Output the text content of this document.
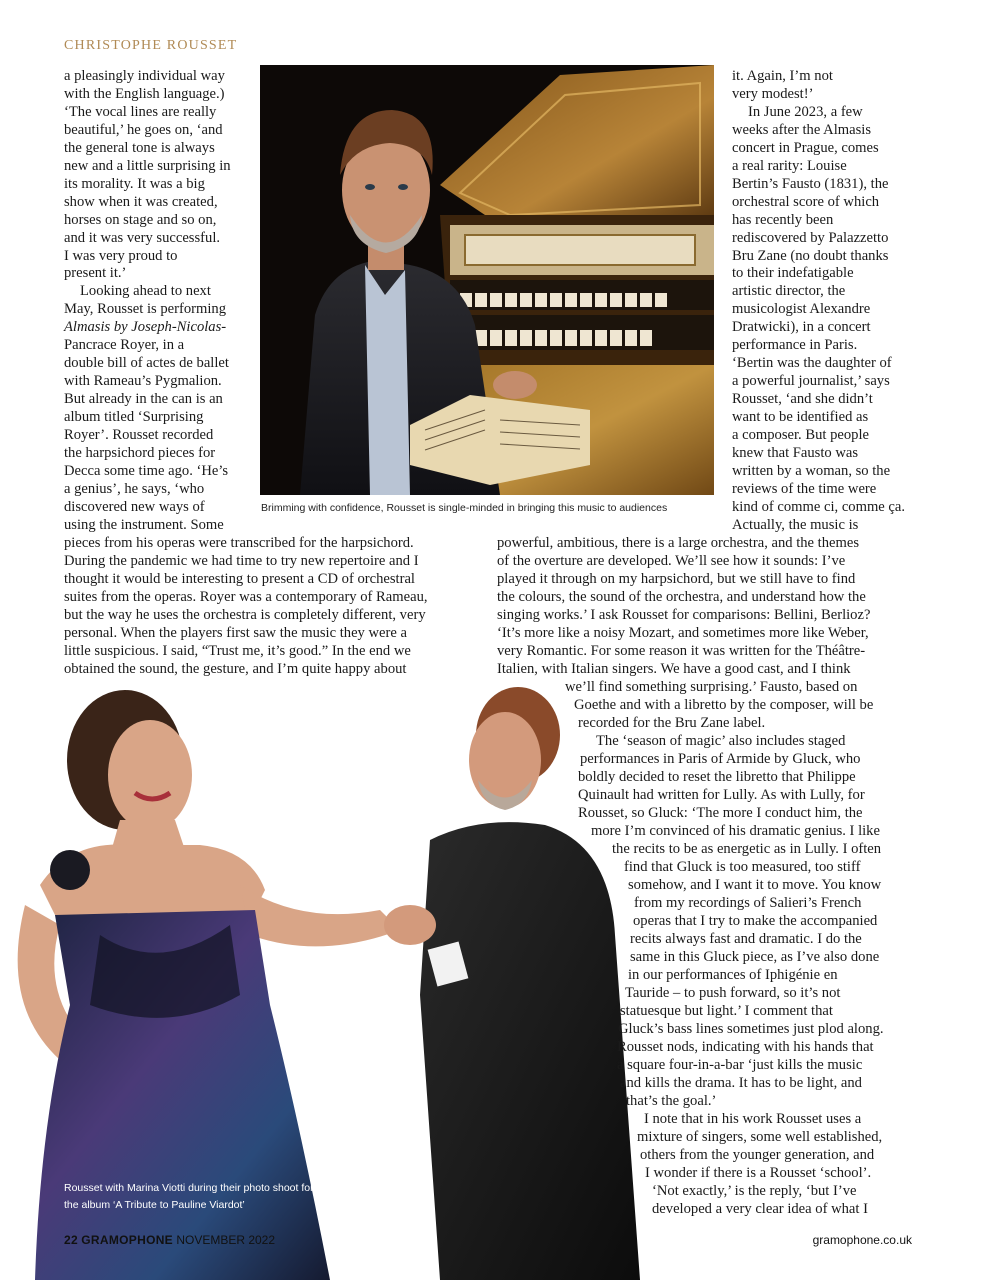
CHRISTOPHE ROUSSET
a pleasingly individual way
with the English language.)
‘The vocal lines are really
beautiful,’ he goes on, ‘and
the general tone is always
new and a little surprising in
its morality. It was a big
show when it was created,
horses on stage and so on,
and it was very successful.
I was very proud to
present it.’
Looking ahead to next
May, Rousset is performing
Almasis by Joseph-Nicolas-
Pancrace Royer, in a
double bill of actes de ballet
with Rameau’s Pygmalion.
But already in the can is an
album titled ‘Surprising
Royer’. Rousset recorded
the harpsichord pieces for
Decca some time ago. ‘He’s
a genius’, he says, ‘who
discovered new ways of
using the instrument. Some
it. Again, I’m not
very modest!’
In June 2023, a few
weeks after the Almasis
concert in Prague, comes
a real rarity: Louise
Bertin’s Fausto (1831), the
orchestral score of which
has recently been
rediscovered by Palazzetto
Bru Zane (no doubt thanks
to their indefatigable
artistic director, the
musicologist Alexandre
Dratwicki), in a concert
performance in Paris.
‘Bertin was the daughter of
a powerful journalist,’ says
Rousset, ‘and she didn’t
want to be identified as
a composer. But people
knew that Fausto was
written by a woman, so the
reviews of the time were
kind of comme ci, comme ça.
Actually, the music is
Brimming with confidence, Rousset is single-minded in bringing this music to audiences
pieces from his operas were transcribed for the harpsichord.
During the pandemic we had time to try new repertoire and I
thought it would be interesting to present a CD of orchestral
suites from the operas. Royer was a contemporary of Rameau,
but the way he uses the orchestra is completely different, very
personal. When the players first saw the music they were a
little suspicious. I said, “Trust me, it’s good.” In the end we
obtained the sound, the gesture, and I’m quite happy about
powerful, ambitious, there is a large orchestra, and the themes
of the overture are developed. We’ll see how it sounds: I’ve
played it through on my harpsichord, but we still have to find
the colours, the sound of the orchestra, and understand how the
singing works.’ I ask Rousset for comparisons: Bellini, Berlioz?
‘It’s more like a noisy Mozart, and sometimes more like Weber,
very Romantic. For some reason it was written for the Théâtre-
Italien, with Italian singers. We have a good cast, and I think
Rousset with Marina Viotti during their photo shoot for the album ‘A Tribute to Pauline Viardot’
we’ll find something surprising.’ Fausto, based on
Goethe and with a libretto by the composer, will be
recorded for the Bru Zane label.
The ‘season of magic’ also includes staged
performances in Paris of Armide by Gluck, who
boldly decided to reset the libretto that Philippe
Quinault had written for Lully. As with Lully, for
Rousset, so Gluck: ‘The more I conduct him, the
more I’m convinced of his dramatic genius. I like
the recits to be as energetic as in Lully. I often
find that Gluck is too measured, too stiff
somehow, and I want it to move. You know
from my recordings of Salieri’s French
operas that I try to make the accompanied
recits always fast and dramatic. I do the
same in this Gluck piece, as I’ve also done
in our performances of Iphigénie en
Tauride – to push forward, so it’s not
statuesque but light.’ I comment that
Gluck’s bass lines sometimes just plod along.
Rousset nods, indicating with his hands that
a square four-in-a-bar ‘just kills the music
and kills the drama. It has to be light, and
that’s the goal.’
I note that in his work Rousset uses a
mixture of singers, some well established,
others from the younger generation, and
I wonder if there is a Rousset ‘school’.
‘Not exactly,’ is the reply, ‘but I’ve
developed a very clear idea of what I
22 GRAMOPHONE NOVEMBER 2022	gramophone.co.uk
